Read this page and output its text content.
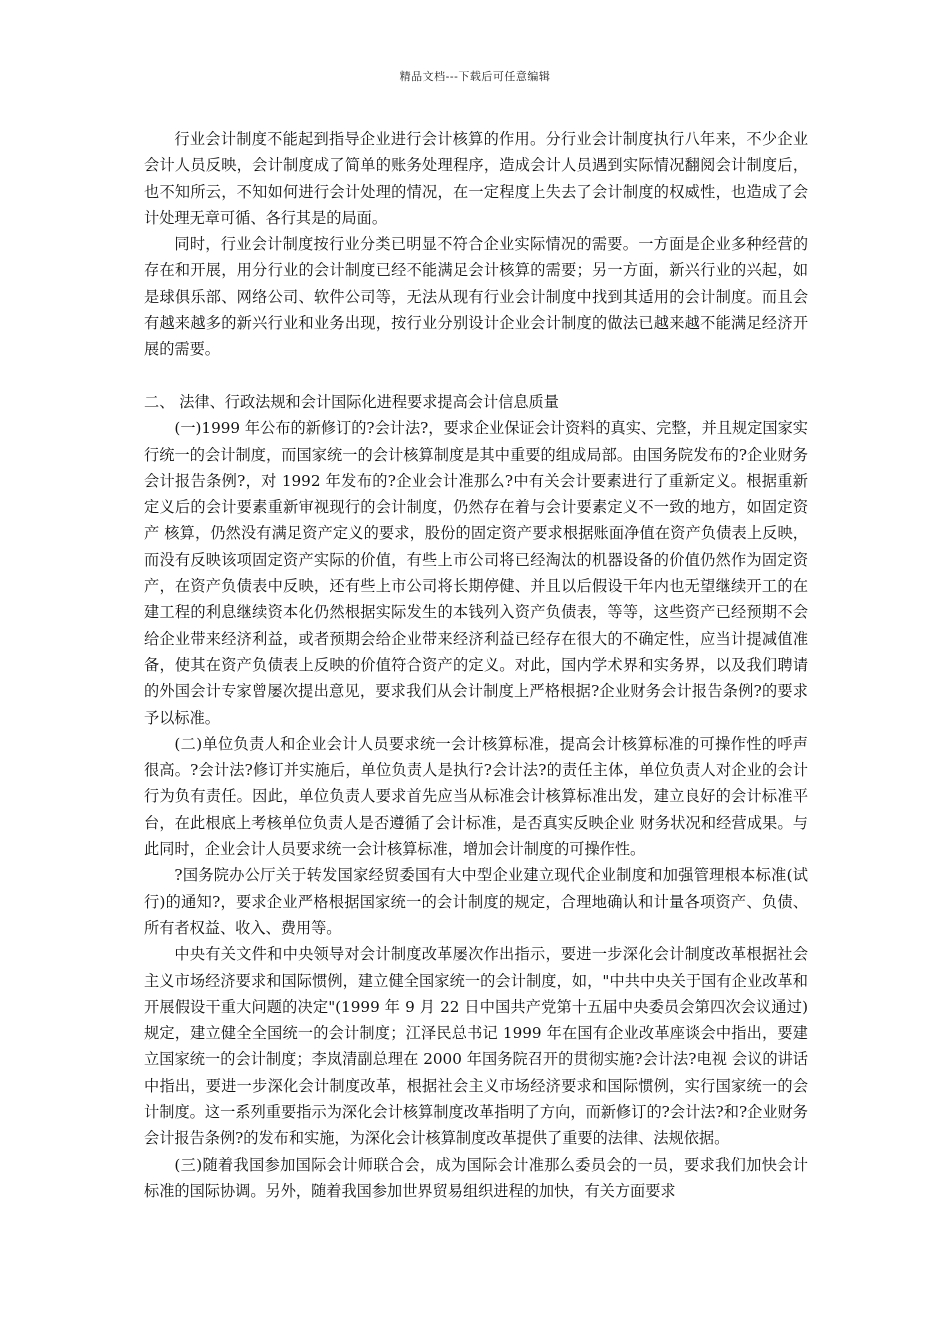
精品文档---下载后可任意编辑

行业会计制度不能起到指导企业进行会计核算的作用。分行业会计制度执行八年来，不少企业会计人员反映，会计制度成了简单的账务处理程序，造成会计人员遇到实际情况翻阅会计制度后，也不知所云，不知如何进行会计处理的情况，在一定程度上失去了会计制度的权威性，也造成了会计处理无章可循、各行其是的局面。

同时，行业会计制度按行业分类已明显不符合企业实际情况的需要。一方面是企业多种经营的存在和开展，用分行业的会计制度已经不能满足会计核算的需要；另一方面，新兴行业的兴起，如是球俱乐部、网络公司、软件公司等，无法从现有行业会计制度中找到其适用的会计制度。而且会有越来越多的新兴行业和业务出现，按行业分别设计企业会计制度的做法已越来越不能满足经济开展的需要。

二、 法律、行政法规和会计国际化进程要求提高会计信息质量

(一)1999 年公布的新修订的?会计法?，要求企业保证会计资料的真实、完整，并且规定国家实行统一的会计制度，而国家统一的会计核算制度是其中重要的组成局部。由国务院发布的?企业财务会计报告条例?，对 1992 年发布的?企业会计准那么?中有关会计要素进行了重新定义。根据重新定义后的会计要素重新审视现行的会计制度，仍然存在着与会计要素定义不一致的地方，如固定资产 核算，仍然没有满足资产定义的要求，股份的固定资产要求根据账面净值在资产负债表上反映，而没有反映该项固定资产实际的价值，有些上市公司将已经淘汰的机器设备的价值仍然作为固定资产，在资产负债表中反映，还有些上市公司将长期停健、并且以后假设干年内也无望继续开工的在建工程的利息继续资本化仍然根据实际发生的本钱列入资产负债表，等等，这些资产已经预期不会给企业带来经济利益，或者预期会给企业带来经济利益已经存在很大的不确定性，应当计提减值准备，使其在资产负债表上反映的价值符合资产的定义。对此，国内学术界和实务界，以及我们聘请的外国会计专家曾屡次提出意见，要求我们从会计制度上严格根据?企业财务会计报告条例?的要求予以标准。

(二)单位负责人和企业会计人员要求统一会计核算标准，提高会计核算标准的可操作性的呼声很高。?会计法?修订并实施后，单位负责人是执行?会计法?的责任主体，单位负责人对企业的会计行为负有责任。因此，单位负责人要求首先应当从标准会计核算标准出发，建立良好的会计标准平台，在此根底上考核单位负责人是否遵循了会计标准，是否真实反映企业 财务状况和经营成果。与此同时，企业会计人员要求统一会计核算标准，增加会计制度的可操作性。

?国务院办公厅关于转发国家经贸委国有大中型企业建立现代企业制度和加强管理根本标准(试行)的通知?，要求企业严格根据国家统一的会计制度的规定，合理地确认和计量各项资产、负债、所有者权益、收入、费用等。

中央有关文件和中央领导对会计制度改革屡次作出指示，要进一步深化会计制度改革根据社会主义市场经济要求和国际惯例，建立健全国家统一的会计制度，如，"中共中央关于国有企业改革和开展假设干重大问题的决定"(1999 年 9 月 22 日中国共产党第十五届中央委员会第四次会议通过)规定，建立健全全国统一的会计制度；江泽民总书记 1999 年在国有企业改革座谈会中指出，要建立国家统一的会计制度；李岚清副总理在 2000 年国务院召开的贯彻实施?会计法?电视 会议的讲话中指出，要进一步深化会计制度改革，根据社会主义市场经济要求和国际惯例，实行国家统一的会计制度。这一系列重要指示为深化会计核算制度改革指明了方向，而新修订的?会计法?和?企业财务会计报告条例?的发布和实施，为深化会计核算制度改革提供了重要的法律、法规依据。

(三)随着我国参加国际会计师联合会，成为国际会计准那么委员会的一员，要求我们加快会计标准的国际协调。另外，随着我国参加世界贸易组织进程的加快，有关方面要求
